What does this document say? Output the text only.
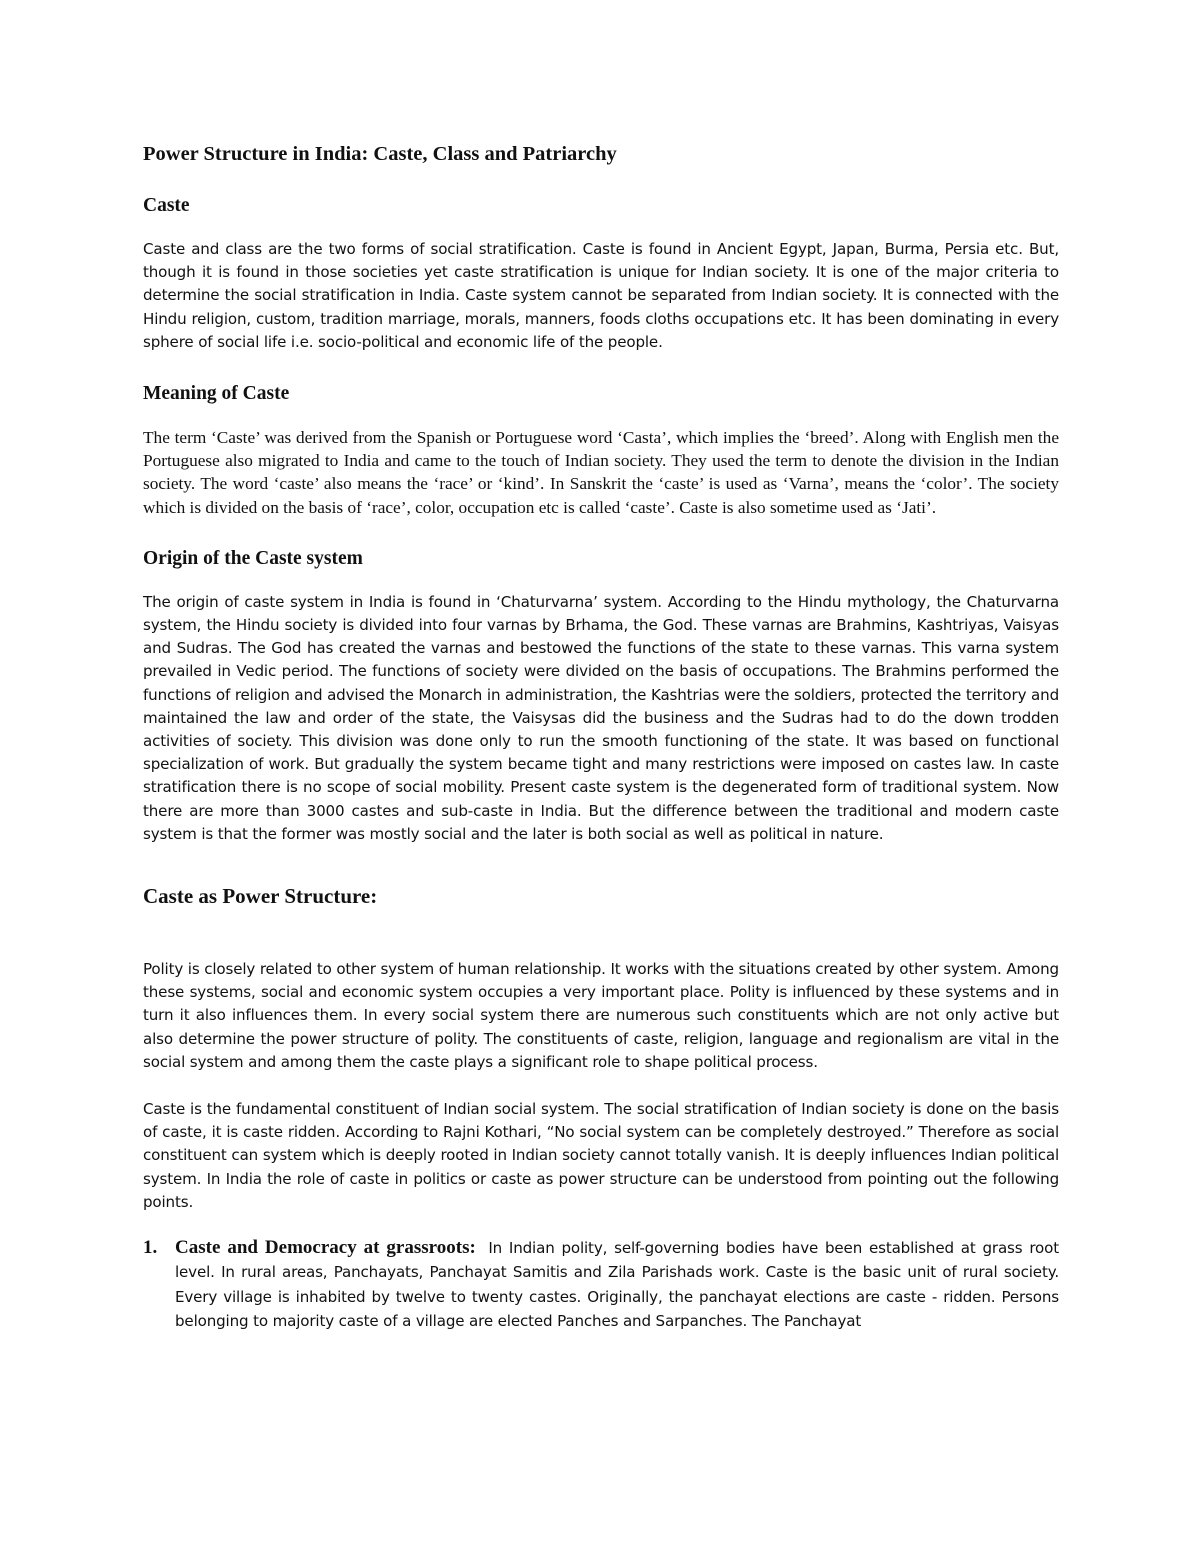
Power Structure in India: Caste, Class and Patriarchy
Caste

Caste and class are the two forms of social stratification. Caste is found in Ancient Egypt, Japan, Burma, Persia etc. But, though it is found in those societies yet caste stratification is unique for Indian society. It is one of the major criteria to determine the social stratification in India. Caste system cannot be separated from Indian society. It is connected with the Hindu religion, custom, tradition marriage, morals, manners, foods cloths occupations etc. It has been dominating in every sphere of social life i.e. socio-political and economic life of the people.

Meaning of Caste

The term ‘Caste’ was derived from the Spanish or Portuguese word ‘Casta’, which implies the ‘breed’. Along with English men the Portuguese also migrated to India and came to the touch of Indian society. They used the term to denote the division in the Indian society. The word ‘caste’ also means the ‘race’ or ‘kind’. In Sanskrit the ‘caste’ is used as ‘Varna’, means the ‘color’. The society which is divided on the basis of ‘race’, color, occupation etc is called ‘caste’. Caste is also sometime used as ‘Jati’.

Origin of the Caste system

The origin of caste system in India is found in ‘Chaturvarna’ system. According to the Hindu mythology, the Chaturvarna system, the Hindu society is divided into four varnas by Brhama, the God. These varnas are Brahmins, Kashtriyas, Vaisyas and Sudras. The God has created the varnas and bestowed the functions of the state to these varnas. This varna system prevailed in Vedic period. The functions of society were divided on the basis of occupations. The Brahmins performed the functions of religion and advised the Monarch in administration, the Kashtrias were the soldiers, protected the territory and maintained the law and order of the state, the Vaisysas did the business and the Sudras had to do the down trodden activities of society. This division was done only to run the smooth functioning of the state. It was based on functional specialization of work. But gradually the system became tight and many restrictions were imposed on castes law. In caste stratification there is no scope of social mobility. Present caste system is the degenerated form of traditional system. Now there are more than 3000 castes and sub-caste in India. But the difference between the traditional and modern caste system is that the former was mostly social and the later is both social as well as political in nature.

Caste as Power Structure:

Polity is closely related to other system of human relationship. It works with the situations created by other system. Among these systems, social and economic system occupies a very important place. Polity is influenced by these systems and in turn it also influences them. In every social system there are numerous such constituents which are not only active but also determine the power structure of polity. The constituents of caste, religion, language and regionalism are vital in the social system and among them the caste plays a significant role to shape political process.

Caste is the fundamental constituent of Indian social system. The social stratification of Indian society is done on the basis of caste, it is caste ridden. According to Rajni Kothari, “No social system can be completely destroyed.” Therefore as social constituent can system which is deeply rooted in Indian society cannot totally vanish. It is deeply influences Indian political system. In India the role of caste in politics or caste as power structure can be understood from pointing out the following points.

1. Caste and Democracy at grassroots: In Indian polity, self-governing bodies have been established at grass root level. In rural areas, Panchayats, Panchayat Samitis and Zila Parishads work. Caste is the basic unit of rural society. Every village is inhabited by twelve to twenty castes. Originally, the panchayat elections are caste - ridden. Persons belonging to majority caste of a village are elected Panches and Sarpanches. The Panchayat
